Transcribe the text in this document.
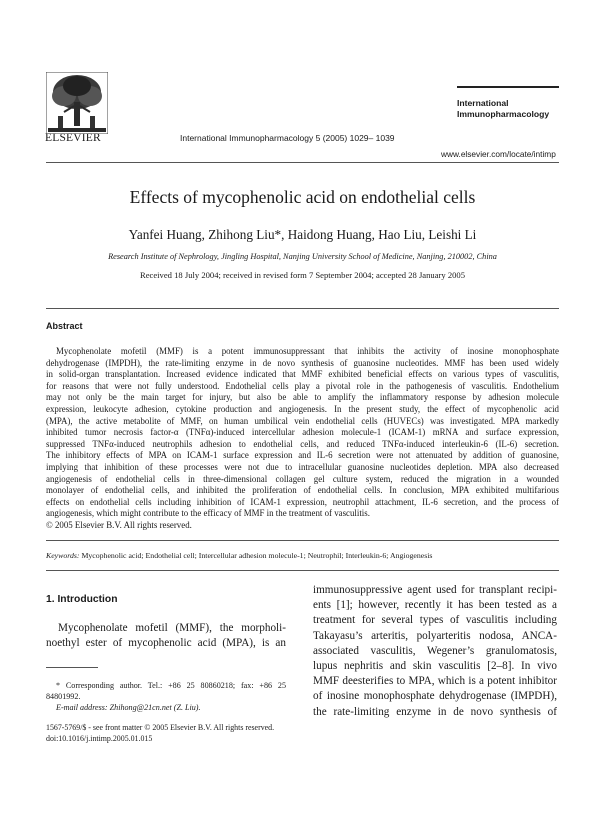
ELSEVIER	International Immunopharmacology 5 (2005) 1029– 1039
International
Immunopharmacology
www.elsevier.com/locate/intimp
Effects of mycophenolic acid on endothelial cells
Yanfei Huang, Zhihong Liu*, Haidong Huang, Hao Liu, Leishi Li
Research Institute of Nephrology, Jingling Hospital, Nanjing University School of Medicine, Nanjing, 210002, China
Received 18 July 2004; received in revised form 7 September 2004; accepted 28 January 2005
Abstract
Mycophenolate mofetil (MMF) is a potent immunosuppressant that inhibits the activity of inosine monophosphate
dehydrogenase (IMPDH), the rate-limiting enzyme in de novo synthesis of guanosine nucleotides. MMF has been used widely
in solid-organ transplantation. Increased evidence indicated that MMF exhibited beneficial effects on various types of vasculitis,
for reasons that were not fully understood. Endothelial cells play a pivotal role in the pathogenesis of vasculitis. Endothelium
may not only be the main target for injury, but also be able to amplify the inflammatory response by adhesion molecule
expression, leukocyte adhesion, cytokine production and angiogenesis. In the present study, the effect of mycophenolic acid
(MPA), the active metabolite of MMF, on human umbilical vein endothelial cells (HUVECs) was investigated. MPA markedly
inhibited tumor necrosis factor-α (TNFα)-induced intercellular adhesion molecule-1 (ICAM-1) mRNA and surface expression,
suppressed TNFα-induced neutrophils adhesion to endothelial cells, and reduced TNFα-induced interleukin-6 (IL-6) secretion.
The inhibitory effects of MPA on ICAM-1 surface expression and IL-6 secretion were not attenuated by addition of guanosine,
implying that inhibition of these processes were not due to intracellular guanosine nucleotides depletion. MPA also decreased
angiogenesis of endothelial cells in three-dimensional collagen gel culture system, reduced the migration in a wounded
monolayer of endothelial cells, and inhibited the proliferation of endothelial cells. In conclusion, MPA exhibited multifarious
effects on endothelial cells including inhibition of ICAM-1 expression, neutrophil attachment, IL-6 secretion, and the process of
angiogenesis, which might contribute to the efficacy of MMF in the treatment of vasculitis.
© 2005 Elsevier B.V. All rights reserved.
Keywords: Mycophenolic acid; Endothelial cell; Intercellular adhesion molecule-1; Neutrophil; Interleukin-6; Angiogenesis
1. Introduction
Mycophenolate mofetil (MMF), the morpholi-
noethyl ester of mycophenolic acid (MPA), is an
immunosuppressive agent used for transplant recipi-
ents [1]; however, recently it has been tested as a
treatment for several types of vasculitis including
Takayasu’s arteritis, polyarteritis nodosa, ANCA-
associated vasculitis, Wegener’s granulomatosis,
lupus nephritis and skin vasculitis [2–8]. In vivo
MMF deesterifies to MPA, which is a potent inhibitor
of inosine monophosphate dehydrogenase (IMPDH),
the rate-limiting enzyme in de novo synthesis of
* Corresponding author. Tel.: +86 25 80860218; fax: +86 25 84801992.
E-mail address: Zhihong@21cn.net (Z. Liu).
1567-5769/$ - see front matter © 2005 Elsevier B.V. All rights reserved.
doi:10.1016/j.intimp.2005.01.015
